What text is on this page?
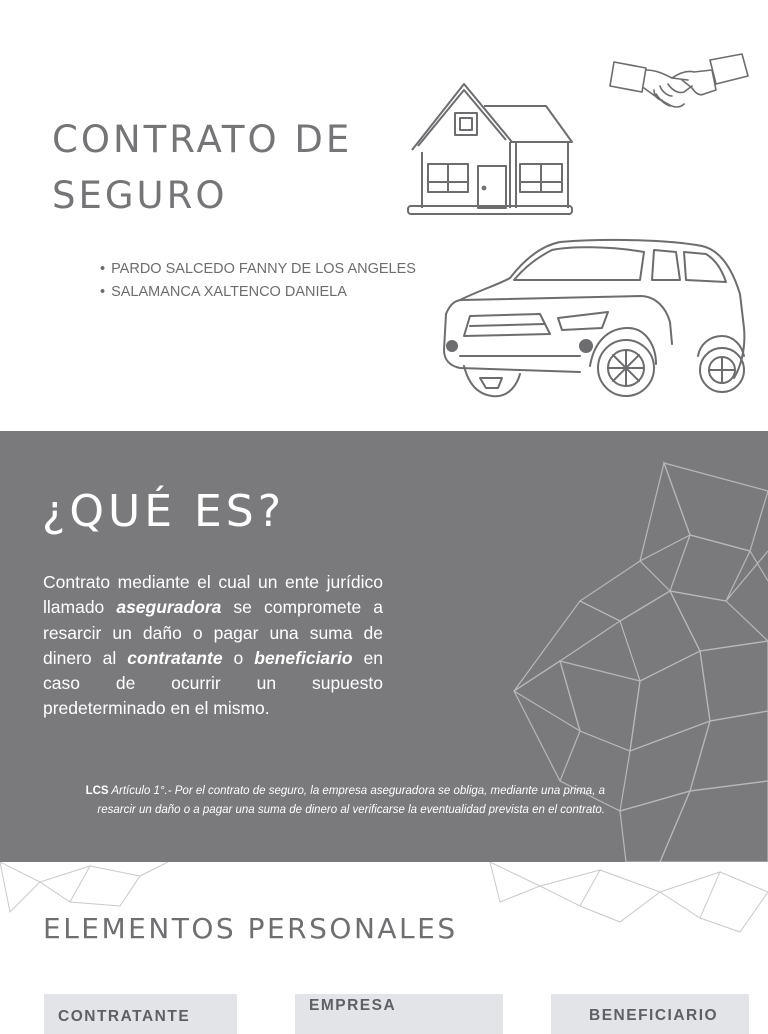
CONTRATO DE
SEGURO
• PARDO SALCEDO FANNY DE LOS ANGELES
• SALAMANCA XALTENCO DANIELA
¿QUÉ ES?

Contrato mediante el cual un ente jurídico llamado aseguradora se compromete a resarcir un daño o pagar una suma de dinero al contratante o beneficiario en caso de ocurrir un supuesto predeterminado en el mismo.

LCS Artículo 1°.- Por el contrato de seguro, la empresa aseguradora se obliga, mediante una prima, a resarcir un daño o a pagar una suma de dinero al verificarse la eventualidad prevista en el contrato.

ELEMENTOS PERSONALES
CONTRATANTE
EMPRESA
BENEFICIARIO
